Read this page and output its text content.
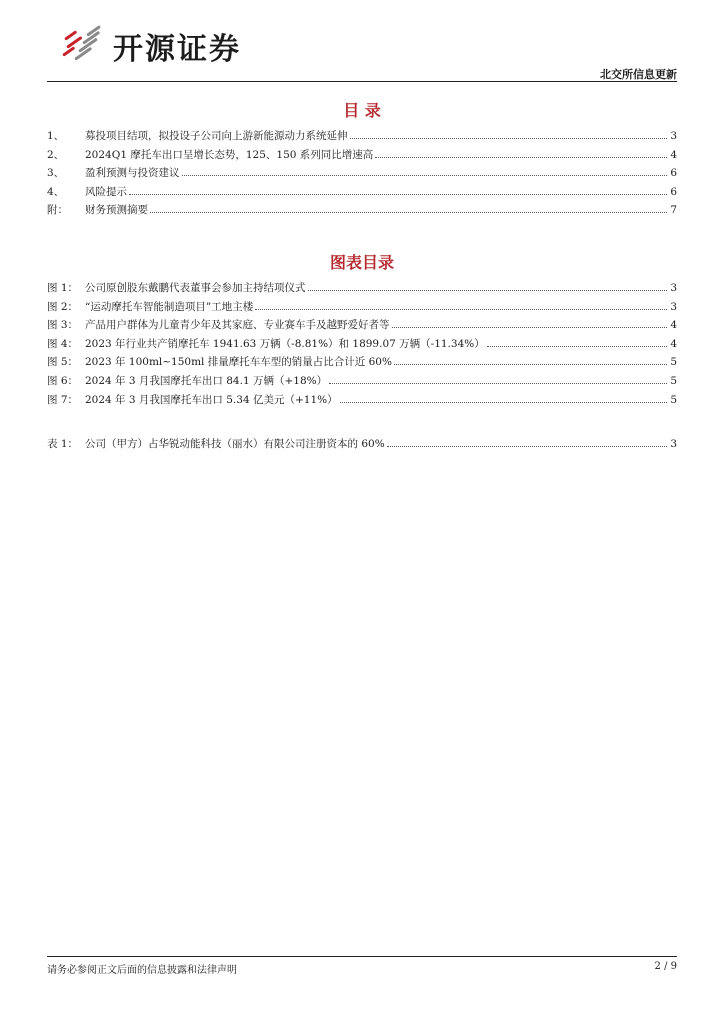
开源证券
北交所信息更新
目 录
1、	募投项目结项，拟投设子公司向上游新能源动力系统延伸	3
2、	2024Q1 摩托车出口呈增长态势，125、150 系列同比增速高	4
3、	盈利预测与投资建议	6
4、	风险提示	6
附：	财务预测摘要	7
图表目录
图 1： 公司原创股东戴鹏代表董事会参加主持结项仪式	3
图 2： “运动摩托车智能制造项目”工地主楼	3
图 3： 产品用户群体为儿童青少年及其家庭、专业赛车手及越野爱好者等	4
图 4： 2023 年行业共产销摩托车 1941.63 万辆（-8.81%）和 1899.07 万辆（-11.34%）	4
图 5： 2023 年 100ml~150ml 排量摩托车车型的销量占比合计近 60%	5
图 6： 2024 年 3 月我国摩托车出口 84.1 万辆（+18%）	5
图 7： 2024 年 3 月我国摩托车出口 5.34 亿美元（+11%）	5
表 1： 公司（甲方）占华锐动能科技（丽水）有限公司注册资本的 60%	3
请务必参阅正文后面的信息披露和法律声明	2 / 9
